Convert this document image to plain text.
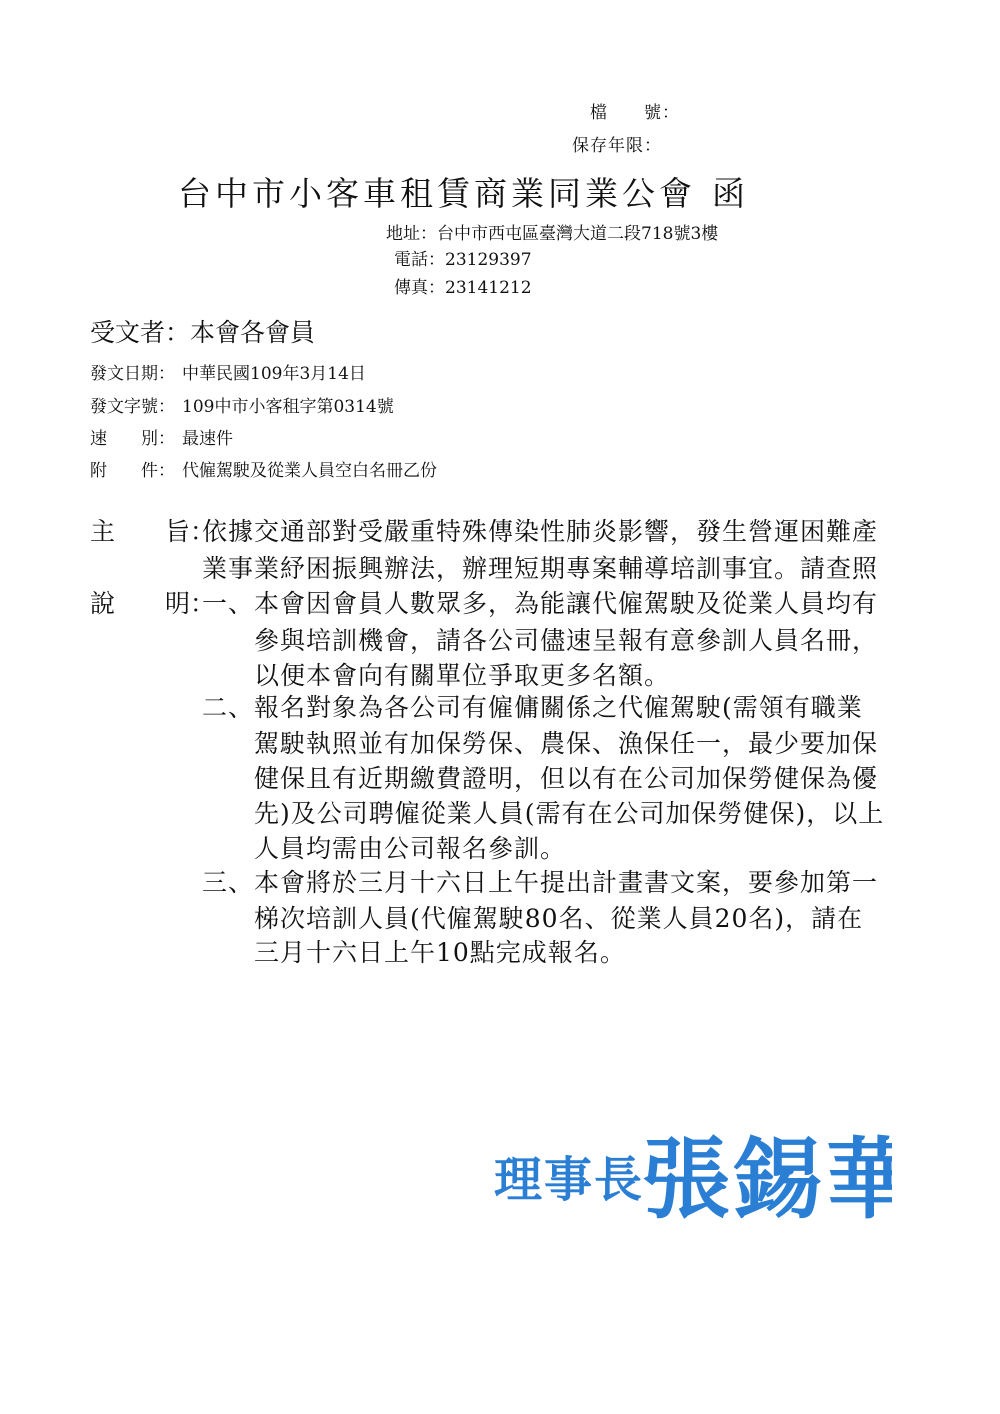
檔　　號：
保存年限：
台中市小客車租賃商業同業公會 函
地址：台中市西屯區臺灣大道二段718號3樓
電話：23129397
傳真：23141212
受文者：本會各會員
發文日期： 中華民國109年3月14日
發文字號： 109中市小客租字第0314號
速　　別： 最速件
附　　件： 代僱駕駛及從業人員空白名冊乙份
主　　旨：
依據交通部對受嚴重特殊傳染性肺炎影響，發生營運困難產
業事業紓困振興辦法，辦理短期專案輔導培訓事宜。請查照
說　　明：
一、 本會因會員人數眾多，為能讓代僱駕駛及從業人員均有
參與培訓機會，請各公司儘速呈報有意參訓人員名冊，
以便本會向有關單位爭取更多名額。
二、 報名對象為各公司有僱傭關係之代僱駕駛(需領有職業
駕駛執照並有加保勞保、農保、漁保任一，最少要加保
健保且有近期繳費證明，但以有在公司加保勞健保為優
先)及公司聘僱從業人員(需有在公司加保勞健保)，以上
人員均需由公司報名參訓。
三、 本會將於三月十六日上午提出計畫書文案，要參加第一
梯次培訓人員(代僱駕駛80名、從業人員20名)，請在
三月十六日上午10點完成報名。
理事長
張錫華
